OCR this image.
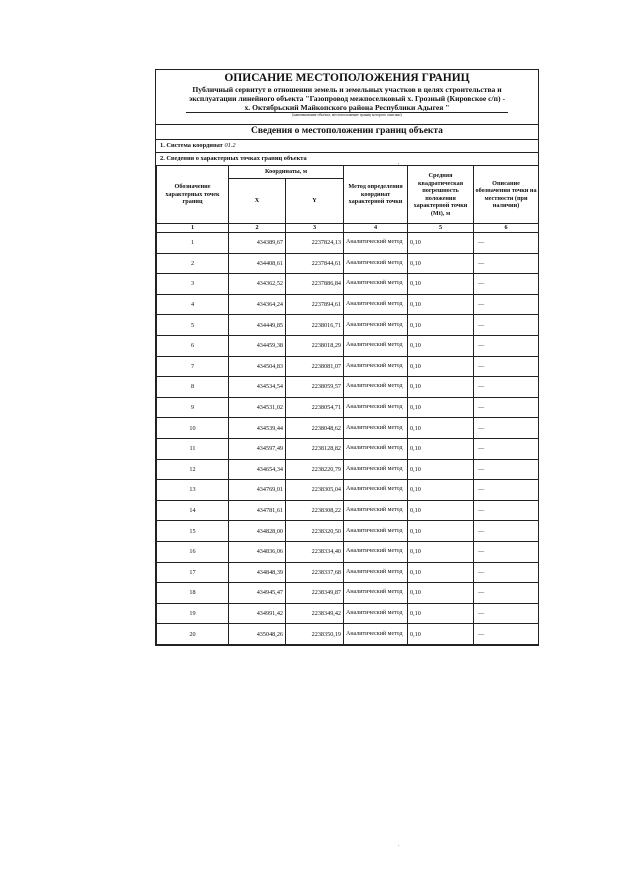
ОПИСАНИЕ МЕСТОПОЛОЖЕНИЯ ГРАНИЦ
Публичный сервитут в отношении земель и земельных участков в целях строительства и
эксплуатации линейного объекта "Газопровод межпоселковый х. Грозный (Кировское с/п) -
х. Октябрьский Майкопского района Республики Адыгея "
(наименование объекта, местоположение границ которого описано)
Сведения о местоположении границ объекта
1. Система координат 01.2
2. Сведения о характерных точках границ объекта
Обозначение характерных точек границ	Координаты, м		Метод определения координат характерной точки	Средняя квадратическая погрешность положения характерной точки (Мt), м	Описание обозначения точки на местности (при наличии)
	X	Y			
1	2	3	4	5	6
1	434389,67	2237824,13	Аналитический метод	0,10	—
2	434408,61	2237844,61	Аналитический метод	0,10	—
3	434362,52	2237886,84	Аналитический метод	0,10	—
4	434364,24	2237894,61	Аналитический метод	0,10	—
5	434449,85	2238016,71	Аналитический метод	0,10	—
6	434459,38	2238018,29	Аналитический метод	0,10	—
7	434504,83	2238081,07	Аналитический метод	0,10	—
8	434534,54	2238059,57	Аналитический метод	0,10	—
9	434531,02	2238054,71	Аналитический метод	0,10	—
10	434539,44	2238048,62	Аналитический метод	0,10	—
11	434597,49	2238128,82	Аналитический метод	0,10	—
12	434654,34	2238220,79	Аналитический метод	0,10	—
13	434769,01	2238305,04	Аналитический метод	0,10	—
14	434781,61	2238308,22	Аналитический метод	0,10	—
15	434828,00	2238320,50	Аналитический метод	0,10	—
16	434836,06	2238334,40	Аналитический метод	0,10	—
17	434848,39	2238337,68	Аналитический метод	0,10	—
18	434945,47	2238349,87	Аналитический метод	0,10	—
19	434991,42	2238349,42	Аналитический метод	0,10	—
20	435048,26	2238350,19	Аналитический метод	0,10	—
'
.
